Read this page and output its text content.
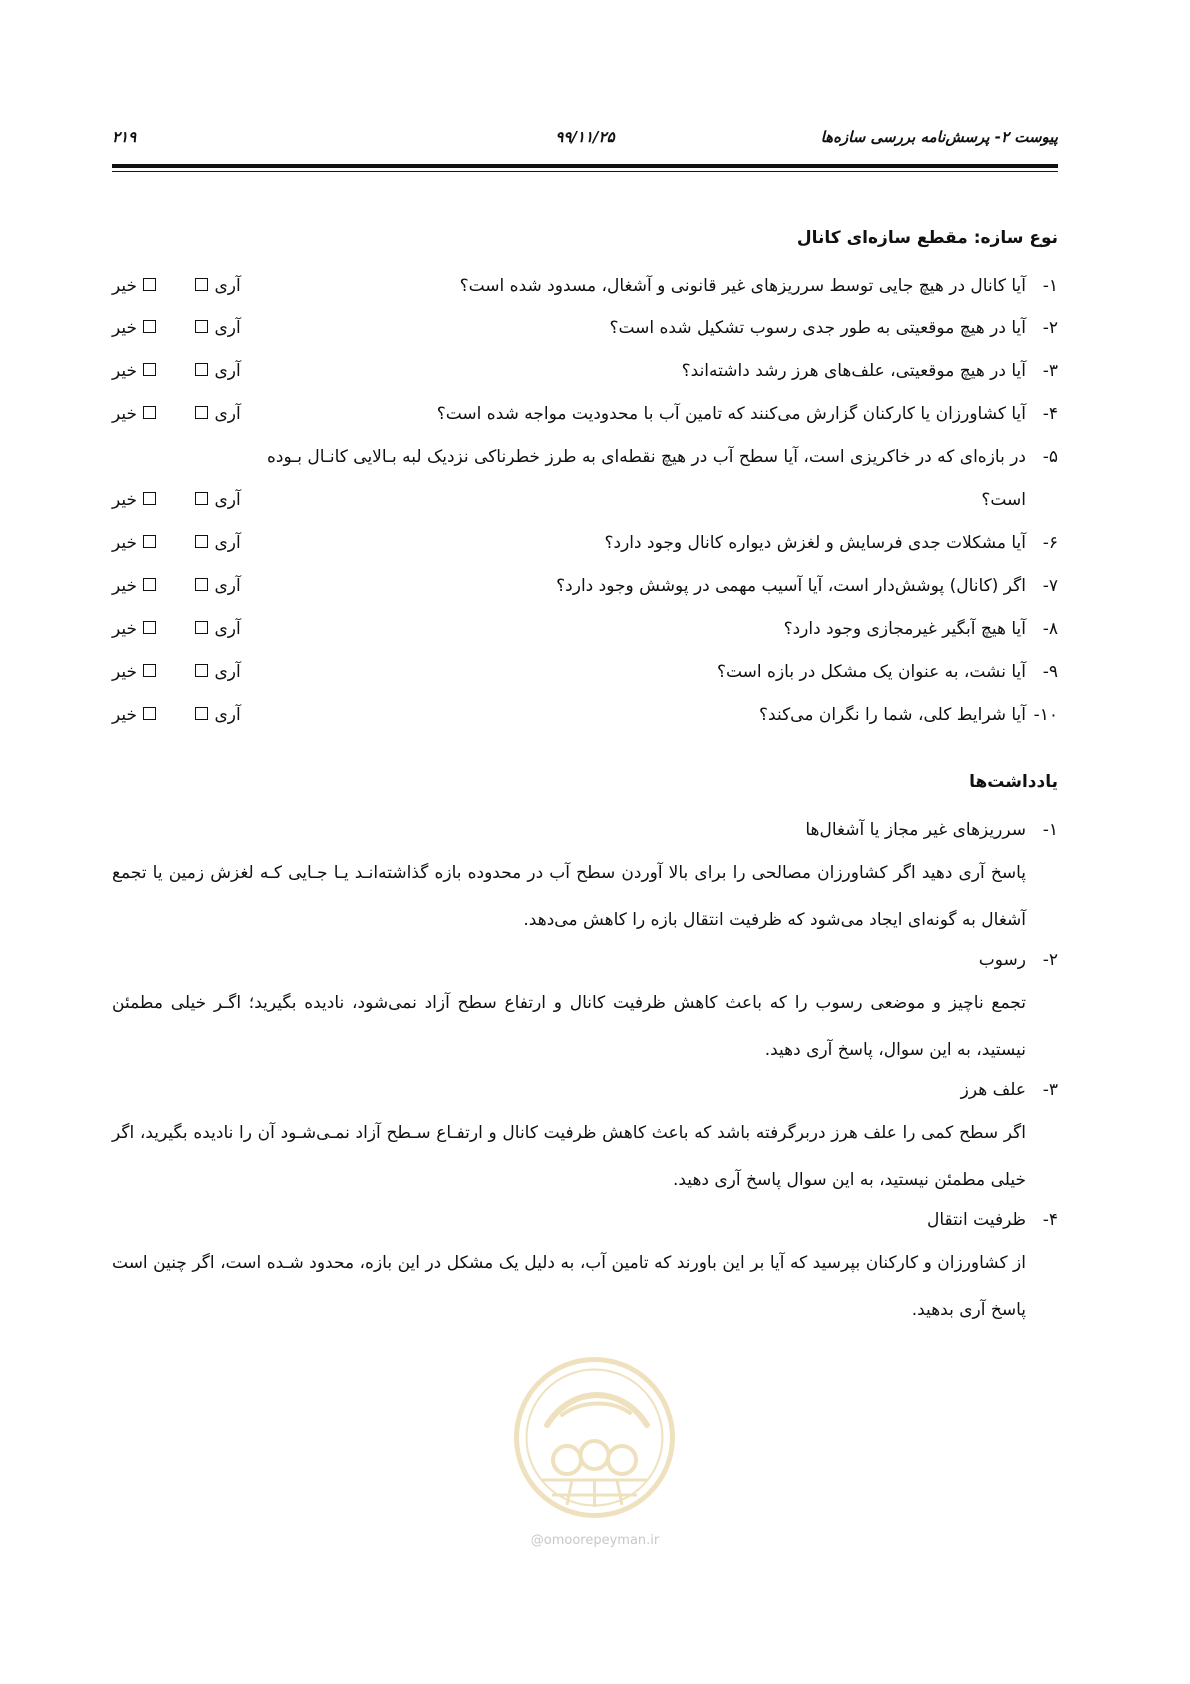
پیوست ۲- پرسش‌نامه بررسی سازه‌ها
۹۹/۱۱/۲۵
۲۱۹
نوع سازه: مقطع سازه‌ای کانال
۱-
آیا کانال در هیچ جایی توسط سرریزهای غیر قانونی و آشغال، مسدود شده است؟
آری خیر
۲-
آیا در هیچ موقعیتی به طور جدی رسوب تشکیل شده است؟
آری خیر
۳-
آیا در هیچ موقعیتی، علف‌های هرز رشد داشته‌اند؟
آری خیر
۴-
آیا کشاورزان یا کارکنان گزارش می‌کنند که تامین آب با محدودیت مواجه شده است؟
آری خیر
۵-
در بازه‌ای که در خاکریزی است، آیا سطح آب در هیچ نقطه‌ای به طرز خطرناکی نزدیک لبه بـالایی کانـال بـوده
است؟
آری خیر
۶-
آیا مشکلات جدی فرسایش و لغزش دیواره کانال وجود دارد؟
آری خیر
۷-
اگر (کانال) پوشش‌دار است، آیا آسیب مهمی در پوشش وجود دارد؟
آری خیر
۸-
آیا هیچ آبگیر غیرمجازی وجود دارد؟
آری خیر
۹-
آیا نشت، به عنوان یک مشکل در بازه است؟
آری خیر
۱۰-
آیا شرایط کلی، شما را نگران می‌کند؟
آری خیر
یادداشت‌ها
۱-
سرریزهای غیر مجاز یا آشغال‌ها
پاسخ آری دهید اگر کشاورزان مصالحی را برای بالا آوردن سطح آب در محدوده بازه گذاشته‌انـد یـا جـایی کـه لغزش زمین یا تجمع آشغال به گونه‌ای ایجاد می‌شود که ظرفیت انتقال بازه را کاهش می‌دهد.
۲-
رسوب
تجمع ناچیز و موضعی رسوب را که باعث کاهش ظرفیت کانال و ارتفاع سطح آزاد نمی‌شود، نادیده بگیرید؛ اگـر خیلی مطمئن نیستید، به این سوال، پاسخ آری دهید.
۳-
علف هرز
اگر سطح کمی را علف هرز دربرگرفته باشد که باعث کاهش ظرفیت کانال و ارتفـاع سـطح آزاد نمـی‌شـود آن را نادیده بگیرید، اگر خیلی مطمئن نیستید، به این سوال پاسخ آری دهید.
۴-
ظرفیت انتقال
از کشاورزان و کارکنان بپرسید که آیا بر این باورند که تامین آب، به دلیل یک مشکل در این بازه، محدود شـده است، اگر چنین است پاسخ آری بدهید.
@omoorepeyman.ir
